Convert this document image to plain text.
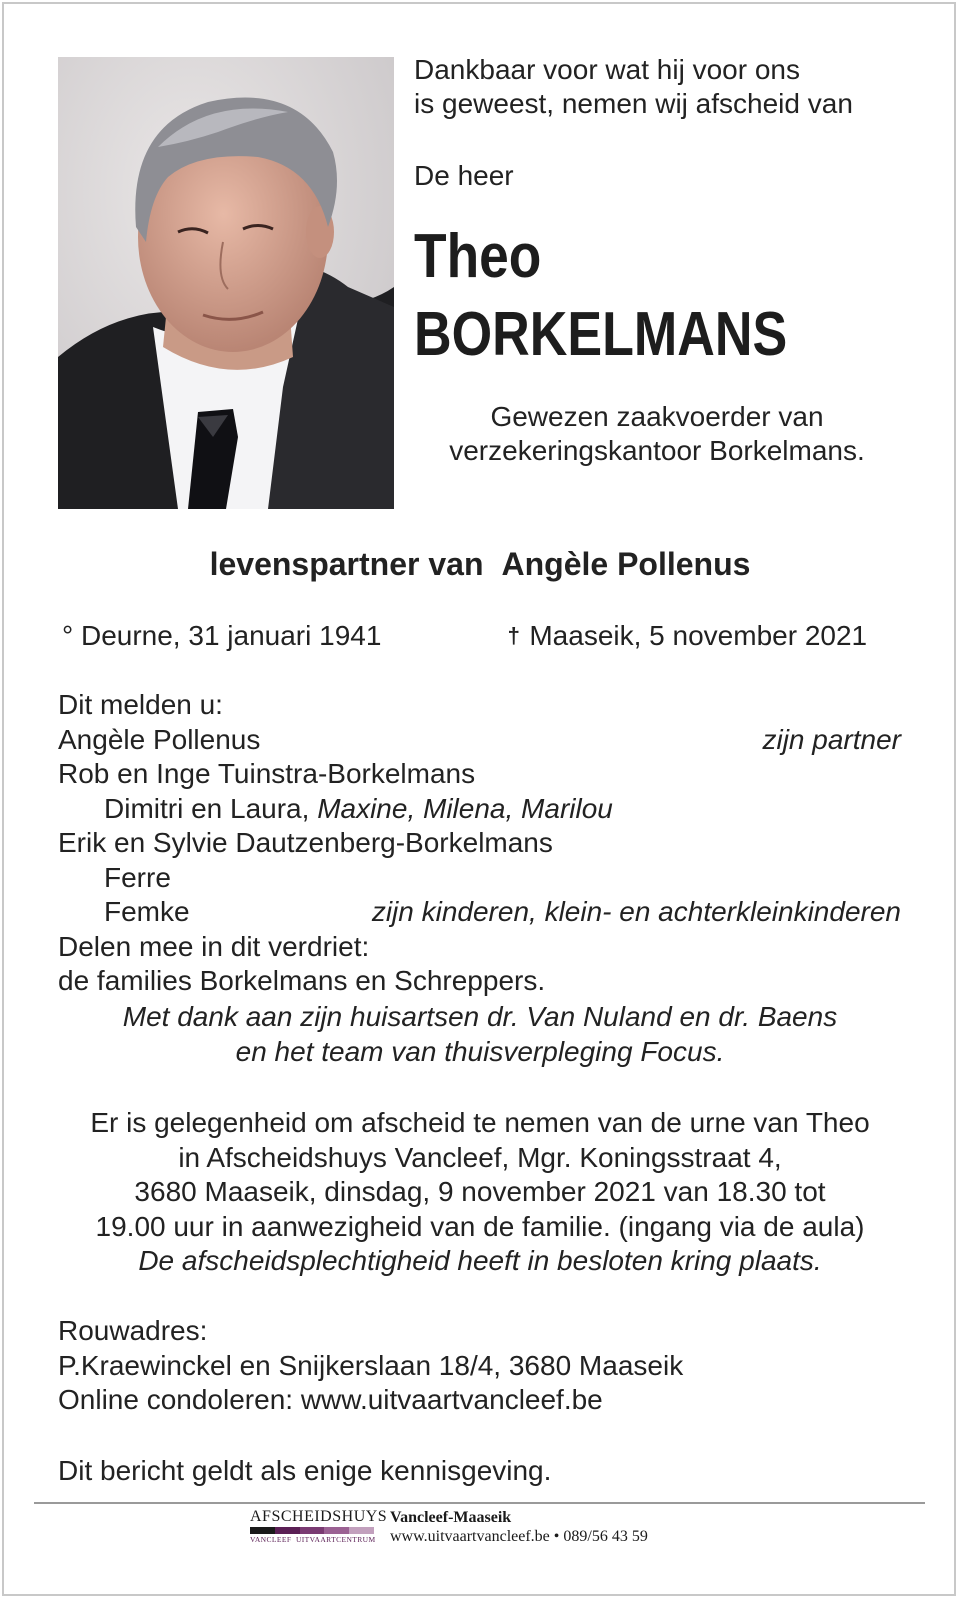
Dankbaar voor wat hij voor ons
is geweest, nemen wij afscheid van
De heer
Theo
BORKELMANS
Gewezen zaakvoerder van
verzekeringskantoor Borkelmans.
levenspartner van Angèle Pollenus
° Deurne, 31 januari 1941	† Maaseik, 5 november 2021
Dit melden u:
Angèle Pollenus	zijn partner
Rob en Inge Tuinstra-Borkelmans
Dimitri en Laura, Maxine, Milena, Marilou
Erik en Sylvie Dautzenberg-Borkelmans
Ferre
Femke	zijn kinderen, klein- en achterkleinkinderen
Delen mee in dit verdriet:
de families Borkelmans en Schreppers.
Met dank aan zijn huisartsen dr. Van Nuland en dr. Baens
en het team van thuisverpleging Focus.
Er is gelegenheid om afscheid te nemen van de urne van Theo
in Afscheidshuys Vancleef, Mgr. Koningsstraat 4,
3680 Maaseik, dinsdag, 9 november 2021 van 18.30 tot
19.00 uur in aanwezigheid van de familie. (ingang via de aula)
De afscheidsplechtigheid heeft in besloten kring plaats.
Rouwadres:
P.Kraewinckel en Snijkerslaan 18/4, 3680 Maaseik
Online condoleren: www.uitvaartvancleef.be
Dit bericht geldt als enige kennisgeving.
AFSCHEIDSHUYS
VANCLEEF UITVAARTCENTRUM
Vancleef-Maaseik
www.uitvaartvancleef.be • 089/56 43 59
